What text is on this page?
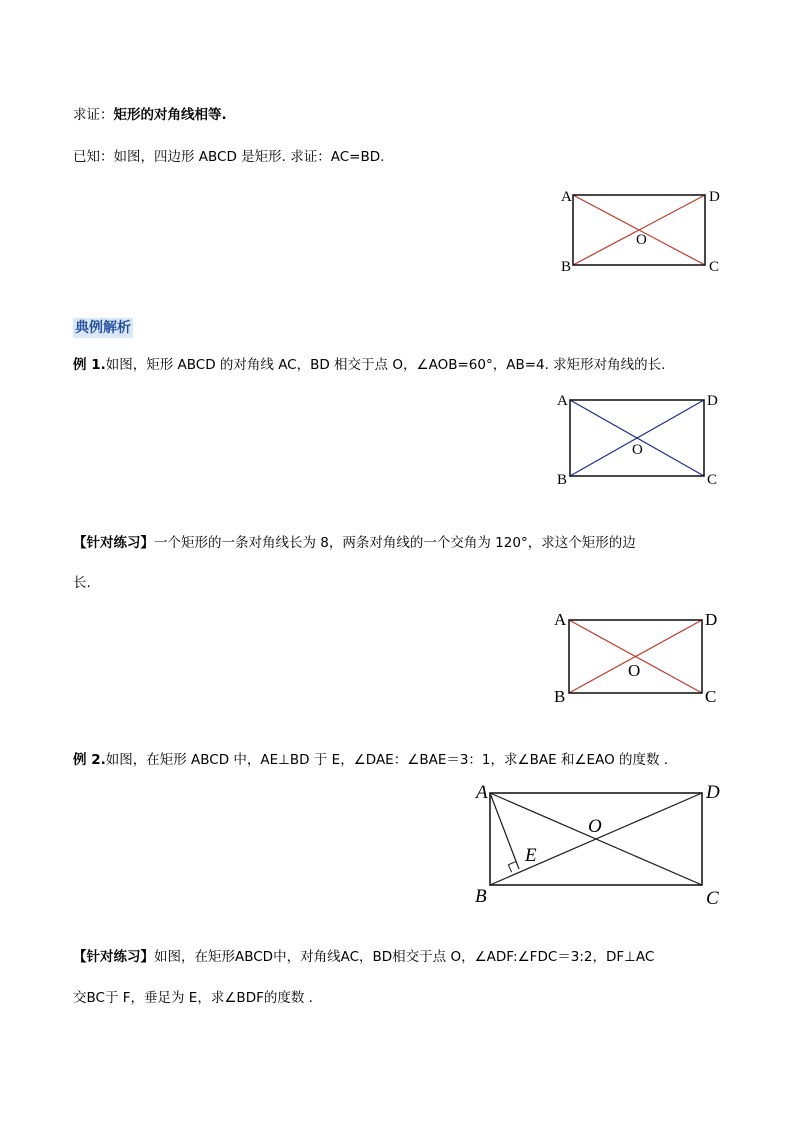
求证：矩形的对角线相等.
已知：如图，四边形 ABCD 是矩形. 求证：AC=BD.
A	D
B	C
O
典例解析
例 1.如图，矩形 ABCD 的对角线 AC，BD 相交于点 O，∠AOB=60°，AB=4. 求矩形对角线的长.
A	D
B	C
O
【针对练习】一个矩形的一条对角线长为 8，两条对角线的一个交角为 120°，求这个矩形的边
长.
A	D
B	C
O
例 2.如图，在矩形 ABCD 中，AE⊥BD 于 E，∠DAE：∠BAE＝3：1，求∠BAE 和∠EAO 的度数 .
A	D
B	C
O
E
【针对练习】如图，在矩形ABCD中，对角线AC，BD相交于点 O，∠ADF:∠FDC＝3:2，DF⊥AC
交BC于 F，垂足为 E，求∠BDF的度数 .
